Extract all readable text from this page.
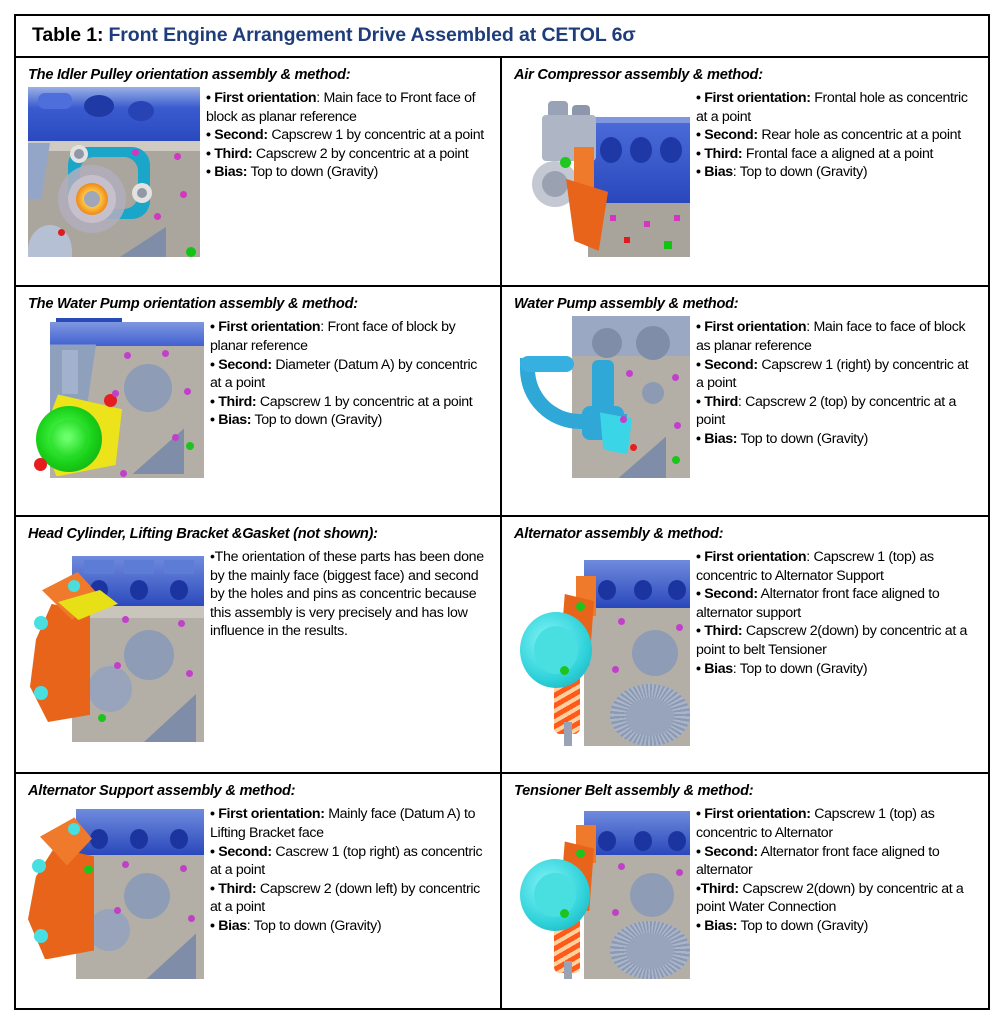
Table 1: Front Engine Arrangement Drive Assembled at CETOL 6σ
The Idler Pulley orientation assembly & method:
• First orientation: Main face to Front face of block as planar reference
• Second: Capscrew 1 by concentric at a point
• Third: Capscrew 2 by concentric at a point
• Bias: Top to down (Gravity)
Air Compressor assembly & method:
• First orientation: Frontal hole as concentric at a point
• Second: Rear hole as concentric at a point
• Third: Frontal face a aligned at a point
• Bias: Top to down (Gravity)
The Water Pump orientation assembly & method:
• First orientation: Front face of block by planar reference
• Second: Diameter (Datum A) by concentric at a point
• Third: Capscrew 1 by concentric at a point
• Bias: Top to down (Gravity)
Water Pump assembly & method:
• First orientation: Main face to face of block as planar reference
• Second: Capscrew 1 (right) by concentric at a point
• Third: Capscrew 2 (top) by concentric at a point
• Bias: Top to down (Gravity)
Head Cylinder, Lifting Bracket &Gasket (not shown):
•The orientation of these parts has been done by the mainly face (biggest face) and second by the holes and pins as concentric because this assembly is very precisely and has low influence in the results.
Alternator assembly & method:
• First orientation: Capscrew 1 (top) as concentric to Alternator Support
• Second: Alternator front face aligned to alternator support
• Third: Capscrew 2(down) by concentric at a point to belt Tensioner
• Bias: Top to down (Gravity)
Alternator Support assembly & method:
• First orientation: Mainly face (Datum A) to Lifting Bracket face
• Second: Cascrew 1 (top right) as concentric at a point
• Third: Capscrew 2 (down left) by concentric at a point
• Bias: Top to down (Gravity)
Tensioner Belt assembly & method:
• First orientation: Capscrew 1 (top) as concentric to Alternator
• Second: Alternator front face aligned to alternator
•Third: Capscrew 2(down) by concentric at a point Water Connection
• Bias: Top to down (Gravity)
